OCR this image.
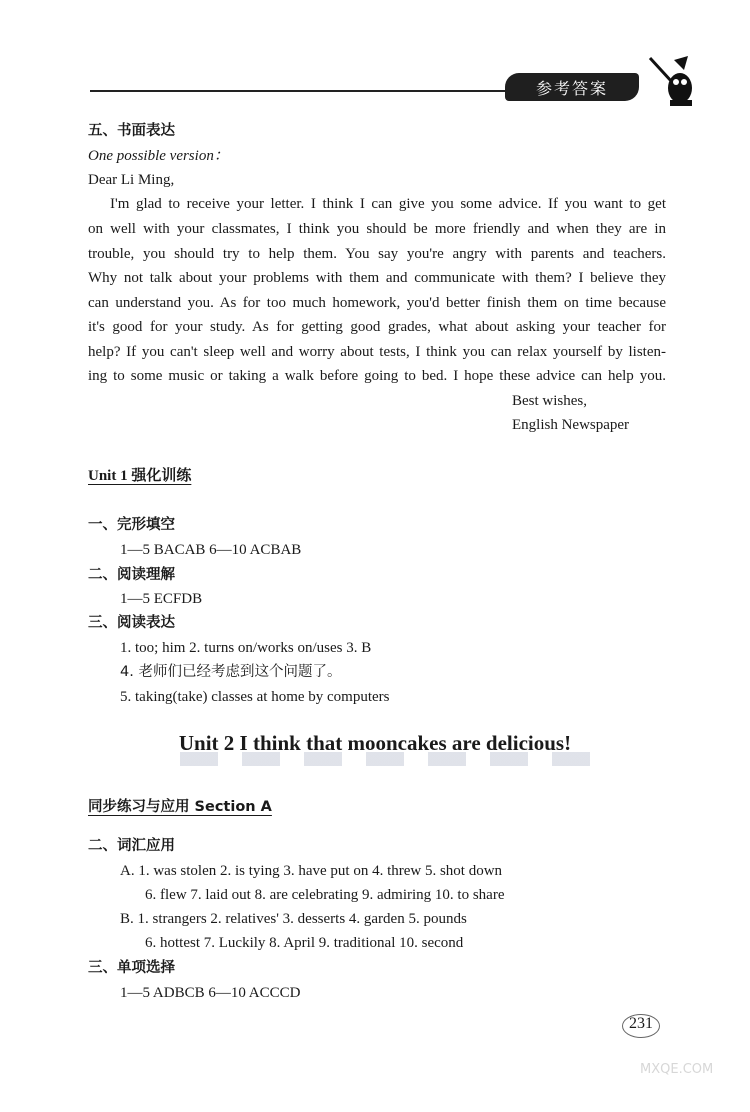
参考答案
五、书面表达
One possible version：
Dear Li Ming,
I'm glad to receive your letter. I think I can give you some advice. If you want to get
on well with your classmates, I think you should be more friendly and when they are in
trouble, you should try to help them. You say you're angry with parents and teachers.
Why not talk about your problems with them and communicate with them? I believe they
can understand you. As for too much homework, you'd better finish them on time because
it's good for your study. As for getting good grades, what about asking your teacher for
help? If you can't sleep well and worry about tests, I think you can relax yourself by listen-
ing to some music or taking a walk before going to bed. I hope these advice can help you.
Best wishes,
English Newspaper
Unit 1 强化训练
一、完形填空
1—5 BACAB 6—10 ACBAB
二、阅读理解
1—5 ECFDB
三、阅读表达
1. too; him 2. turns on/works on/uses 3. B
4. 老师们已经考虑到这个问题了。
5. taking(take) classes at home by computers
Unit 2 I think that mooncakes are delicious!
同步练习与应用 Section A
二、词汇应用
A. 1. was stolen 2. is tying 3. have put on 4. threw 5. shot down
6. flew 7. laid out 8. are celebrating 9. admiring 10. to share
B. 1. strangers 2. relatives' 3. desserts 4. garden 5. pounds
6. hottest 7. Luckily 8. April 9. traditional 10. second
三、单项选择
1—5 ADBCB 6—10 ACCCD
231
MXQE.COM
